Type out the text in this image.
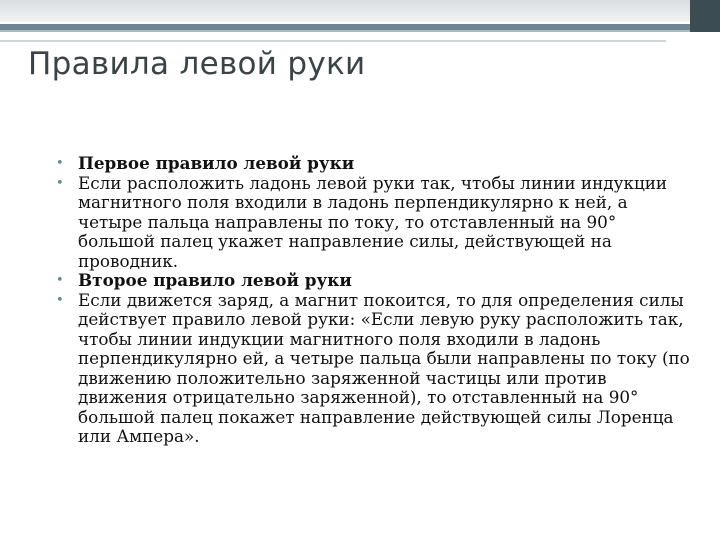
Правила левой руки
• Первое правило левой руки
• Если расположить ладонь левой руки так, чтобы линии индукции магнитного поля входили в ладонь перпендикулярно к ней, а четыре пальца направлены по току, то отставленный на 90° большой палец укажет направление силы, действующей на проводник.
• Второе правило левой руки
• Если движется заряд, а магнит покоится, то для определения силы действует правило левой руки: «Если левую руку расположить так, чтобы линии индукции магнитного поля входили в ладонь перпендикулярно ей, а четыре пальца были направлены по току (по движению положительно заряженной частицы или против движения отрицательно заряженной), то отставленный на 90° большой палец покажет направление действующей силы Лоренца или Ампера».
